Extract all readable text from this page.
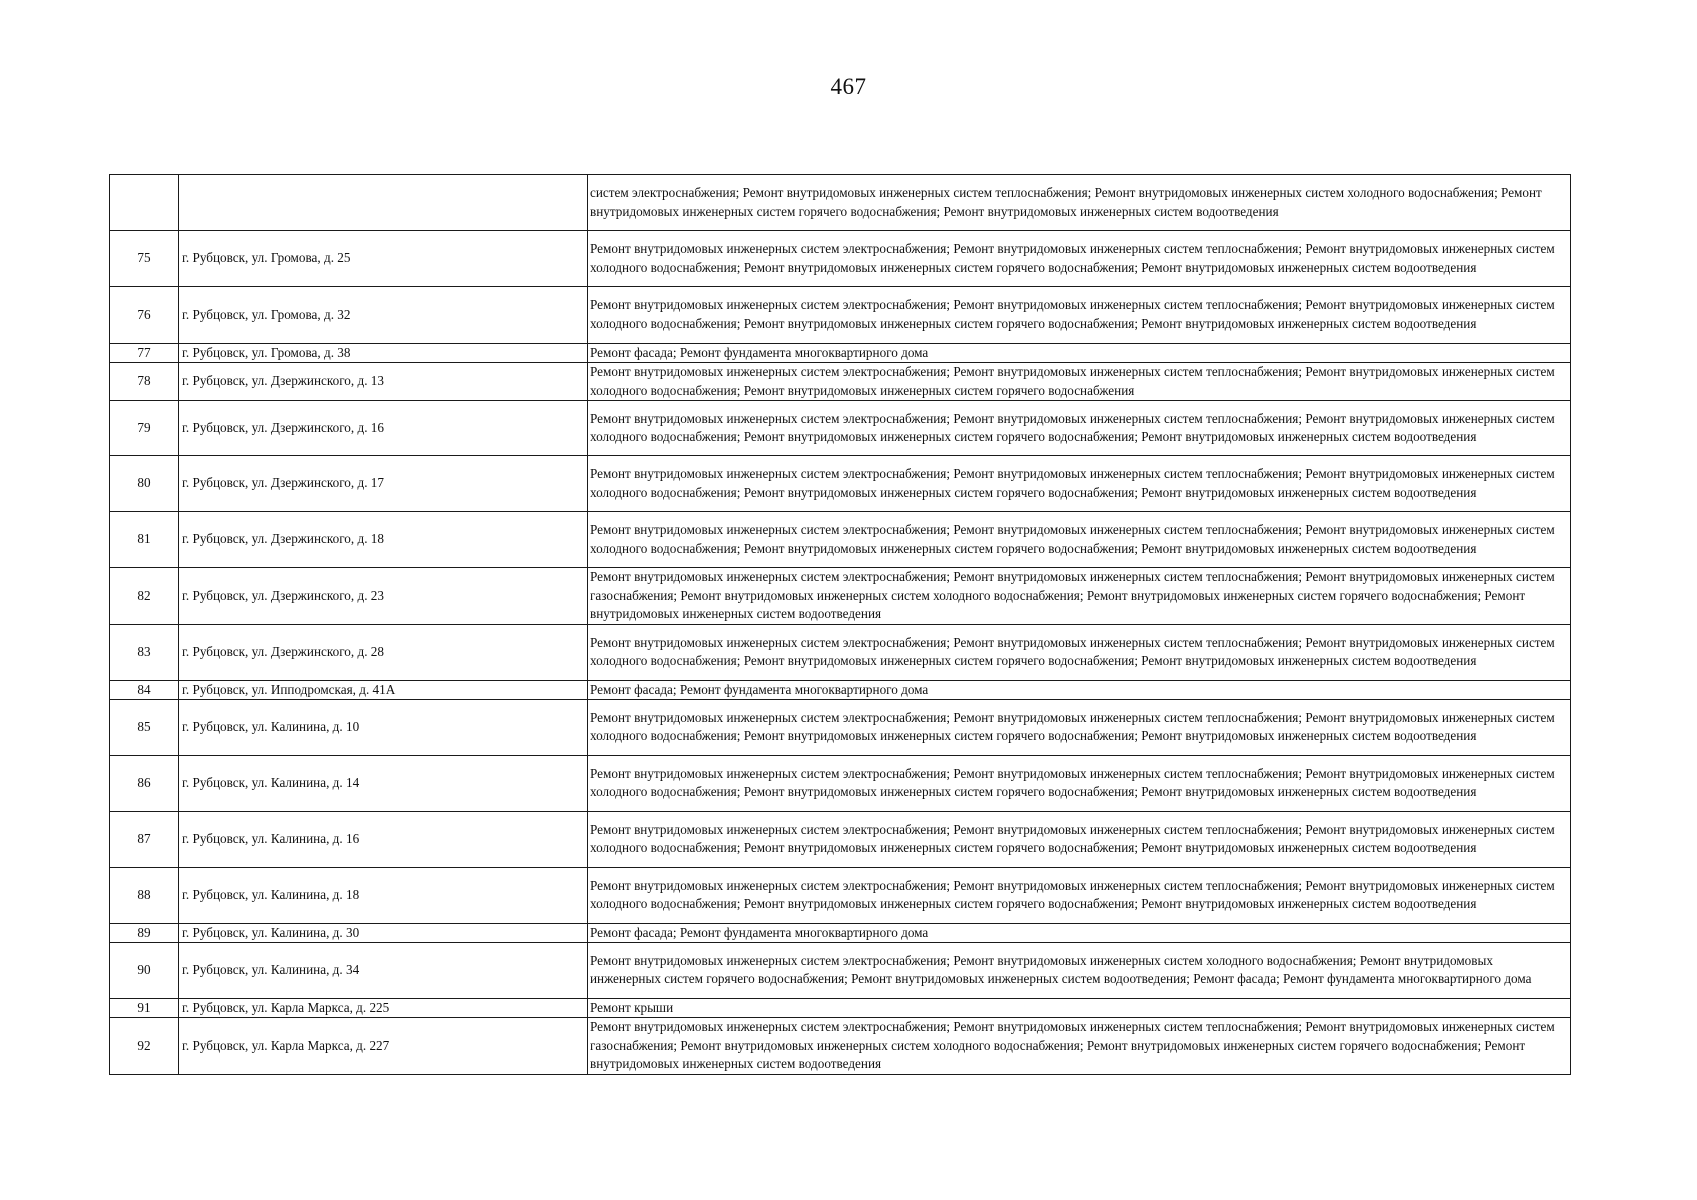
467
		систем электроснабжения; Ремонт внутридомовых инженерных систем теплоснабжения; Ремонт внутридомовых инженерных систем холодного водоснабжения; Ремонт внутридомовых инженерных систем горячего водоснабжения; Ремонт внутридомовых инженерных систем водоотведения
75	г. Рубцовск, ул. Громова, д. 25	Ремонт внутридомовых инженерных систем электроснабжения; Ремонт внутридомовых инженерных систем теплоснабжения; Ремонт внутридомовых инженерных систем холодного водоснабжения; Ремонт внутридомовых инженерных систем горячего водоснабжения; Ремонт внутридомовых инженерных систем водоотведения
76	г. Рубцовск, ул. Громова, д. 32	Ремонт внутридомовых инженерных систем электроснабжения; Ремонт внутридомовых инженерных систем теплоснабжения; Ремонт внутридомовых инженерных систем холодного водоснабжения; Ремонт внутридомовых инженерных систем горячего водоснабжения; Ремонт внутридомовых инженерных систем водоотведения
77	г. Рубцовск, ул. Громова, д. 38	Ремонт фасада; Ремонт фундамента многоквартирного дома
78	г. Рубцовск, ул. Дзержинского, д. 13	Ремонт внутридомовых инженерных систем электроснабжения; Ремонт внутридомовых инженерных систем теплоснабжения; Ремонт внутридомовых инженерных систем холодного водоснабжения; Ремонт внутридомовых инженерных систем горячего водоснабжения
79	г. Рубцовск, ул. Дзержинского, д. 16	Ремонт внутридомовых инженерных систем электроснабжения; Ремонт внутридомовых инженерных систем теплоснабжения; Ремонт внутридомовых инженерных систем холодного водоснабжения; Ремонт внутридомовых инженерных систем горячего водоснабжения; Ремонт внутридомовых инженерных систем водоотведения
80	г. Рубцовск, ул. Дзержинского, д. 17	Ремонт внутридомовых инженерных систем электроснабжения; Ремонт внутридомовых инженерных систем теплоснабжения; Ремонт внутридомовых инженерных систем холодного водоснабжения; Ремонт внутридомовых инженерных систем горячего водоснабжения; Ремонт внутридомовых инженерных систем водоотведения
81	г. Рубцовск, ул. Дзержинского, д. 18	Ремонт внутридомовых инженерных систем электроснабжения; Ремонт внутридомовых инженерных систем теплоснабжения; Ремонт внутридомовых инженерных систем холодного водоснабжения; Ремонт внутридомовых инженерных систем горячего водоснабжения; Ремонт внутридомовых инженерных систем водоотведения
82	г. Рубцовск, ул. Дзержинского, д. 23	Ремонт внутридомовых инженерных систем электроснабжения; Ремонт внутридомовых инженерных систем теплоснабжения; Ремонт внутридомовых инженерных систем газоснабжения; Ремонт внутридомовых инженерных систем холодного водоснабжения; Ремонт внутридомовых инженерных систем горячего водоснабжения; Ремонт внутридомовых инженерных систем водоотведения
83	г. Рубцовск, ул. Дзержинского, д. 28	Ремонт внутридомовых инженерных систем электроснабжения; Ремонт внутридомовых инженерных систем теплоснабжения; Ремонт внутридомовых инженерных систем холодного водоснабжения; Ремонт внутридомовых инженерных систем горячего водоснабжения; Ремонт внутридомовых инженерных систем водоотведения
84	г. Рубцовск, ул. Ипподромская, д. 41А	Ремонт фасада; Ремонт фундамента многоквартирного дома
85	г. Рубцовск, ул. Калинина, д. 10	Ремонт внутридомовых инженерных систем электроснабжения; Ремонт внутридомовых инженерных систем теплоснабжения; Ремонт внутридомовых инженерных систем холодного водоснабжения; Ремонт внутридомовых инженерных систем горячего водоснабжения; Ремонт внутридомовых инженерных систем водоотведения
86	г. Рубцовск, ул. Калинина, д. 14	Ремонт внутридомовых инженерных систем электроснабжения; Ремонт внутридомовых инженерных систем теплоснабжения; Ремонт внутридомовых инженерных систем холодного водоснабжения; Ремонт внутридомовых инженерных систем горячего водоснабжения; Ремонт внутридомовых инженерных систем водоотведения
87	г. Рубцовск, ул. Калинина, д. 16	Ремонт внутридомовых инженерных систем электроснабжения; Ремонт внутридомовых инженерных систем теплоснабжения; Ремонт внутридомовых инженерных систем холодного водоснабжения; Ремонт внутридомовых инженерных систем горячего водоснабжения; Ремонт внутридомовых инженерных систем водоотведения
88	г. Рубцовск, ул. Калинина, д. 18	Ремонт внутридомовых инженерных систем электроснабжения; Ремонт внутридомовых инженерных систем теплоснабжения; Ремонт внутридомовых инженерных систем холодного водоснабжения; Ремонт внутридомовых инженерных систем горячего водоснабжения; Ремонт внутридомовых инженерных систем водоотведения
89	г. Рубцовск, ул. Калинина, д. 30	Ремонт фасада; Ремонт фундамента многоквартирного дома
90	г. Рубцовск, ул. Калинина, д. 34	Ремонт внутридомовых инженерных систем электроснабжения; Ремонт внутридомовых инженерных систем холодного водоснабжения; Ремонт внутридомовых инженерных систем горячего водоснабжения; Ремонт внутридомовых инженерных систем водоотведения; Ремонт фасада; Ремонт фундамента многоквартирного дома
91	г. Рубцовск, ул. Карла Маркса, д. 225	Ремонт крыши
92	г. Рубцовск, ул. Карла Маркса, д. 227	Ремонт внутридомовых инженерных систем электроснабжения; Ремонт внутридомовых инженерных систем теплоснабжения; Ремонт внутридомовых инженерных систем газоснабжения; Ремонт внутридомовых инженерных систем холодного водоснабжения; Ремонт внутридомовых инженерных систем горячего водоснабжения; Ремонт внутридомовых инженерных систем водоотведения
